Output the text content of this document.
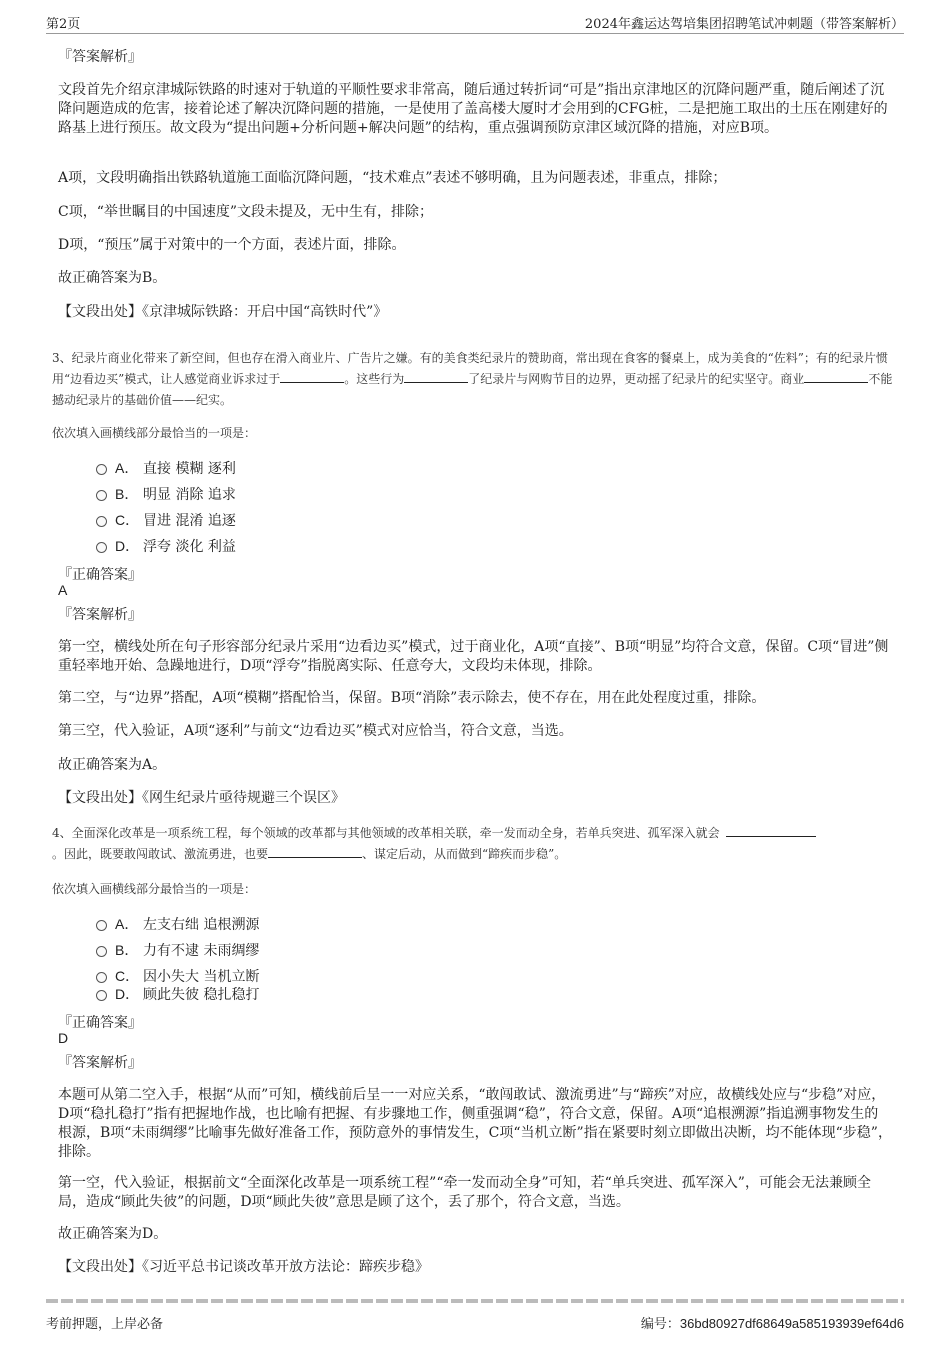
第2页	2024年鑫运达驾培集团招聘笔试冲刺题（带答案解析）
『答案解析』
文段首先介绍京津城际铁路的时速对于轨道的平顺性要求非常高，随后通过转折词“可是”指出京津地区的沉降问题严重，随后阐述了沉降问题造成的危害，接着论述了解决沉降问题的措施，一是使用了盖高楼大厦时才会用到的CFG桩，二是把施工取出的土压在刚建好的路基上进行预压。故文段为“提出问题+分析问题+解决问题”的结构，重点强调预防京津区域沉降的措施，对应B项。
A项，文段明确指出铁路轨道施工面临沉降问题，“技术难点”表述不够明确，且为问题表述，非重点，排除；
C项，“举世瞩目的中国速度”文段未提及，无中生有，排除；
D项，“预压”属于对策中的一个方面，表述片面，排除。
故正确答案为B。
【文段出处】《京津城际铁路：开启中国“高铁时代”》
3、纪录片商业化带来了新空间，但也存在滑入商业片、广告片之嫌。有的美食类纪录片的赞助商，常出现在食客的餐桌上，成为美食的“佐料”；有的纪录片惯用“边看边买”模式，让人感觉商业诉求过于	。这些行为	了纪录片与网购节目的边界，更动摇了纪录片的纪实坚守。商业	不能撼动纪录片的基础价值——纪实。
依次填入画横线部分最恰当的一项是：
A． 直接 模糊 逐利
B． 明显 消除 追求
C． 冒进 混淆 追逐
D． 浮夸 淡化 利益
『正确答案』
A
『答案解析』
第一空，横线处所在句子形容部分纪录片采用“边看边买”模式，过于商业化，A项“直接”、B项“明显”均符合文意，保留。C项“冒进”侧重轻率地开始、急躁地进行，D项“浮夸”指脱离实际、任意夸大，文段均未体现，排除。
第二空，与“边界”搭配，A项“模糊”搭配恰当，保留。B项“消除”表示除去，使不存在，用在此处程度过重，排除。
第三空，代入验证，A项“逐利”与前文“边看边买”模式对应恰当，符合文意，当选。
故正确答案为A。
【文段出处】《网生纪录片亟待规避三个误区》
4、全面深化改革是一项系统工程，每个领域的改革都与其他领域的改革相关联，牵一发而动全身，若单兵突进、孤军深入就会
。因此，既要敢闯敢试、激流勇进，也要	、谋定后动，从而做到“蹄疾而步稳”。
依次填入画横线部分最恰当的一项是：
A． 左支右绌 追根溯源
B． 力有不逮 未雨绸缪
C． 因小失大 当机立断
D． 顾此失彼 稳扎稳打
『正确答案』
D
『答案解析』
本题可从第二空入手，根据“从而”可知，横线前后呈一一对应关系，“敢闯敢试、激流勇进”与“蹄疾”对应，故横线处应与“步稳”对应，D项“稳扎稳打”指有把握地作战，也比喻有把握、有步骤地工作，侧重强调“稳”，符合文意，保留。A项“追根溯源”指追溯事物发生的根源，B项“未雨绸缪”比喻事先做好准备工作，预防意外的事情发生，C项“当机立断”指在紧要时刻立即做出决断，均不能体现“步稳”，排除。
第一空，代入验证，根据前文“全面深化改革是一项系统工程”“牵一发而动全身”可知，若“单兵突进、孤军深入”，可能会无法兼顾全局，造成“顾此失彼”的问题，D项“顾此失彼”意思是顾了这个，丢了那个，符合文意，当选。
故正确答案为D。
【文段出处】《习近平总书记谈改革开放方法论：蹄疾步稳》
考前押题，上岸必备	编号：36bd80927df68649a585193939ef64d6
